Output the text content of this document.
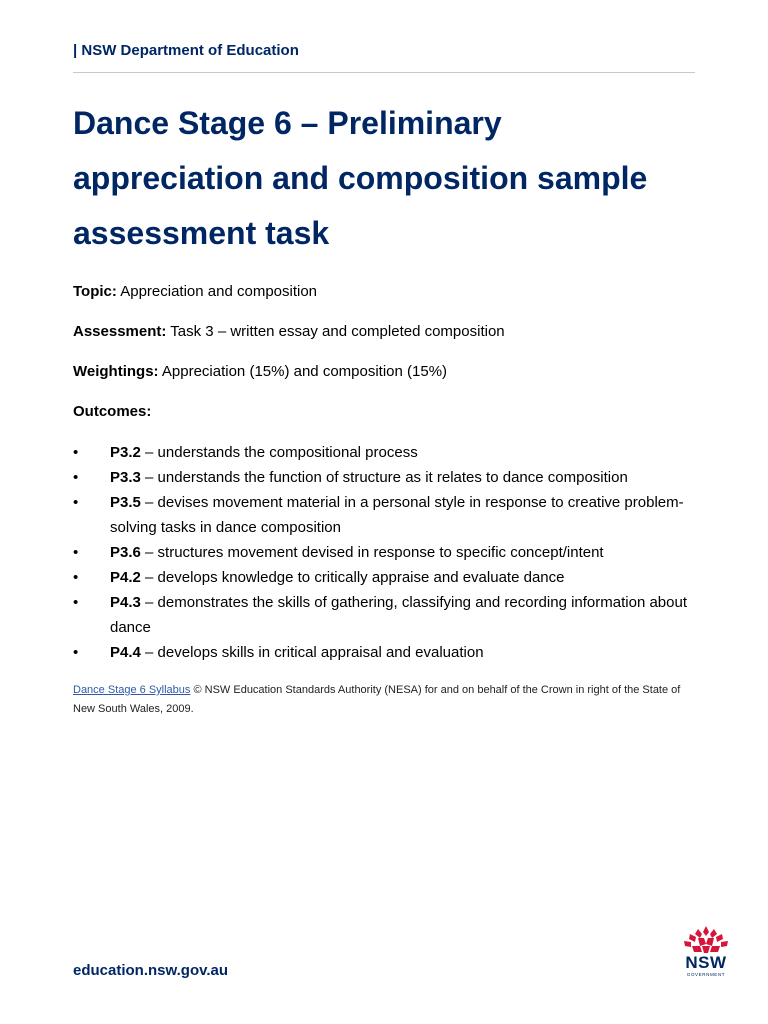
| NSW Department of Education
Dance Stage 6 – Preliminary appreciation and composition sample assessment task
Topic: Appreciation and composition
Assessment: Task 3 – written essay and completed composition
Weightings: Appreciation (15%) and composition (15%)
Outcomes:
• P3.2 – understands the compositional process
• P3.3 – understands the function of structure as it relates to dance composition
• P3.5 – devises movement material in a personal style in response to creative problem-solving tasks in dance composition
• P3.6 – structures movement devised in response to specific concept/intent
• P4.2 – develops knowledge to critically appraise and evaluate dance
• P4.3 – demonstrates the skills of gathering, classifying and recording information about dance
• P4.4 – develops skills in critical appraisal and evaluation
Dance Stage 6 Syllabus © NSW Education Standards Authority (NESA) for and on behalf of the Crown in right of the State of New South Wales, 2009.
education.nsw.gov.au	NSW
GOVERNMENT
